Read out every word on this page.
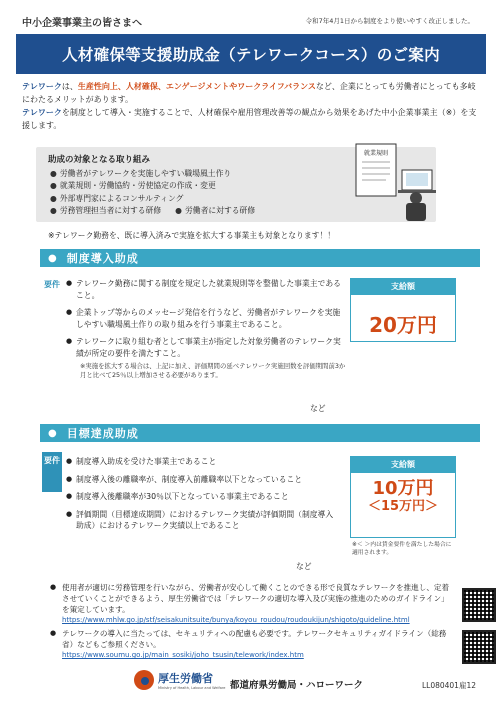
中小企業事業主の皆さまへ	令和7年4月1日から制度をより使いやすく改正しました。
人材確保等支援助成金（テレワークコース）のご案内

テレワークは、生産性向上、人材確保、エンゲージメントやワークライフバランスなど、企業にとっても労働者にとっても多岐にわたるメリットがあります。

テレワークを制度として導入・実施することで、人材確保や雇用管理改善等の観点から効果をあげた中小企業事業主（※）を支援します。

助成の対象となる取り組み
● 労働者がテレワークを実施しやすい職場風土作り
● 就業規則・労働協約・労使協定の作成・変更
● 外部専門家によるコンサルティング
● 労務管理担当者に対する研修	● 労働者に対する研修
就業規則
※テレワーク勤務を、既に導入済みで実施を拡大する事業主も対象となります！！
● 制度導入助成
要件	● テレワーク勤務に関する制度を規定した就業規則等を整備した事業主であること。
● 企業トップ等からのメッセージ発信を行うなど、労働者がテレワークを実施しやすい職場風土作りの取り組みを行う事業主であること。
● テレワークに取り組む者として事業主が指定した対象労働者のテレワーク実績が所定の要件を満たすこと。
※実施を拡大する場合は、上記に加え、評価期間の延べテレワーク実施回数を評価期間前3か月と比べて25％以上増加させる必要があります。
など
支給額
20万円
● 目標達成助成
要件	● 制度導入助成を受けた事業主であること
● 制度導入後の離職率が、制度導入前離職率以下となっていること
● 制度導入後離職率が30％以下となっている事業主であること
● 評価期間（目標達成期間）におけるテレワーク実績が評価期間（制度導入助成）におけるテレワーク実績以上であること
など
支給額
10万円
＜15万円＞
※＜ ＞内は賃金要件を満たした場合に適用されます。
● 使用者が適切に労務管理を行いながら、労働者が安心して働くことのできる形で良質なテレワークを推進し、定着させていくことができるよう、厚生労働省では「テレワークの適切な導入及び実施の推進のためのガイドライン」を策定しています。
https://www.mhlw.go.jp/stf/seisakunitsuite/bunya/koyou_roudou/roudoukijun/shigoto/guideline.html
● テレワークの導入に当たっては、セキュリティへの配慮も必要です。テレワークセキュリティガイドライン（総務省）などもご参照ください。
https://www.soumu.go.jp/main_sosiki/joho_tsusin/telework/index.htm
厚生労働省
Ministry of Health, Labour and Welfare 都道府県労働局・ハローワーク	LL080401雇12
